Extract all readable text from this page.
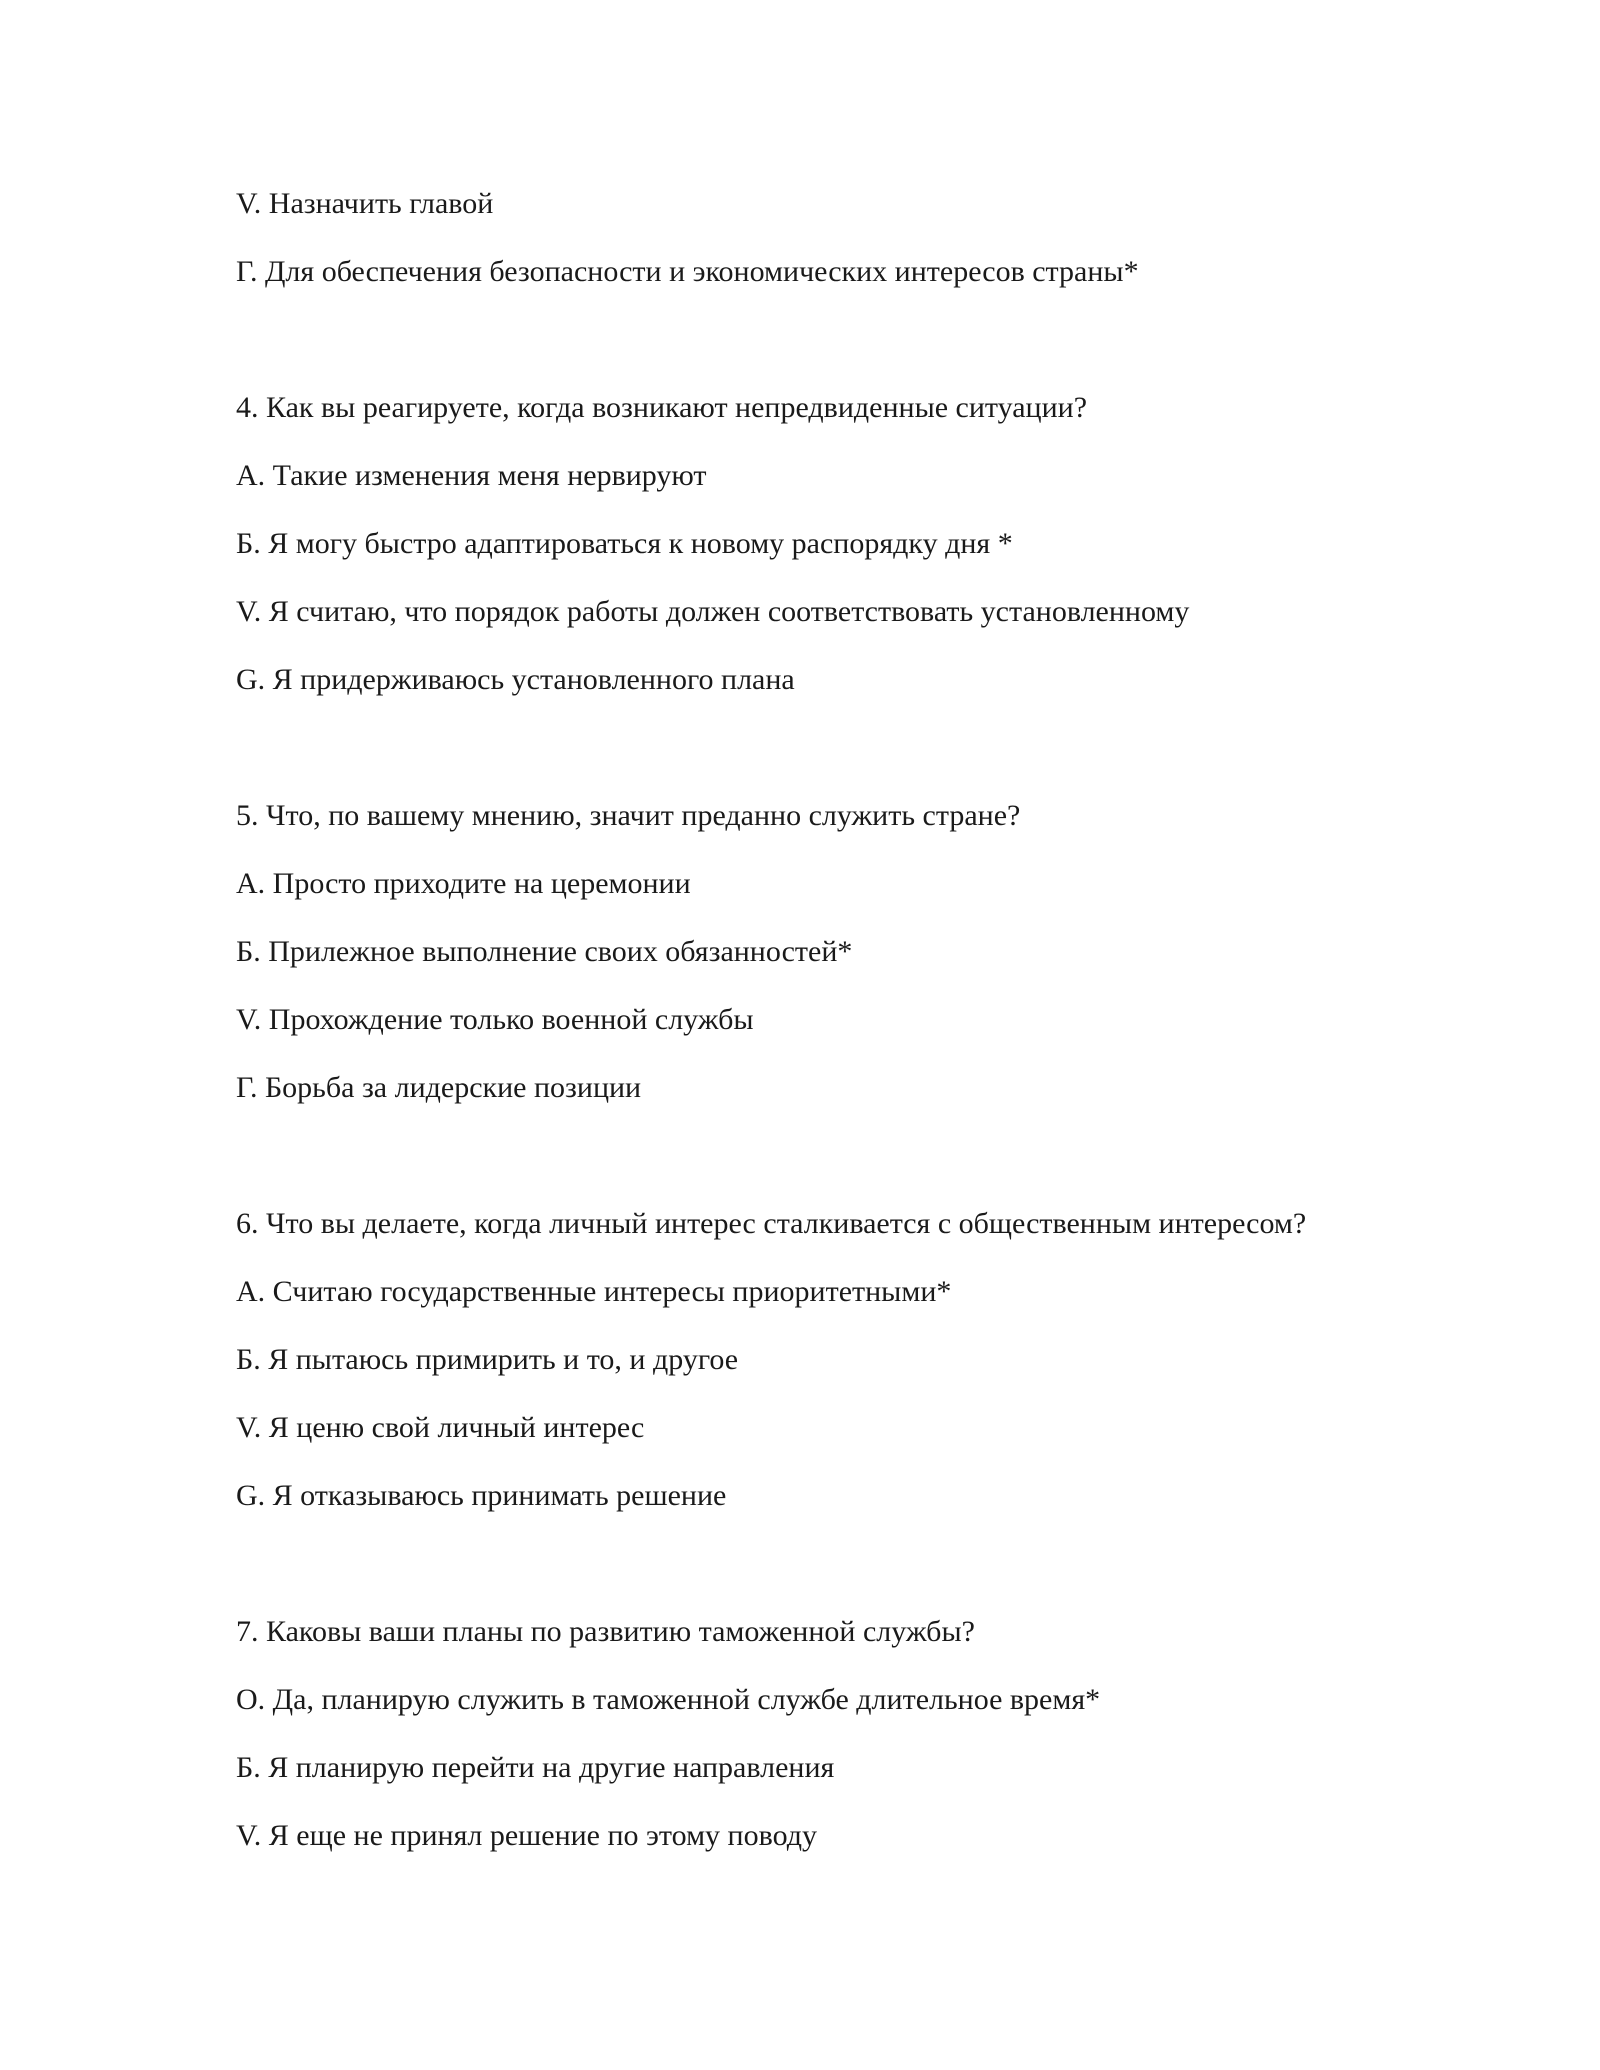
V. Назначить главой
Г. Для обеспечения безопасности и экономических интересов страны*
4. Как вы реагируете, когда возникают непредвиденные ситуации?
А. Такие изменения меня нервируют
Б. Я могу быстро адаптироваться к новому распорядку дня *
V. Я считаю, что порядок работы должен соответствовать установленному
G. Я придерживаюсь установленного плана
5. Что, по вашему мнению, значит преданно служить стране?
А. Просто приходите на церемонии
Б. Прилежное выполнение своих обязанностей*
V. Прохождение только военной службы
Г. Борьба за лидерские позиции
6. Что вы делаете, когда личный интерес сталкивается с общественным интересом?
А. Считаю государственные интересы приоритетными*
Б. Я пытаюсь примирить и то, и другое
V. Я ценю свой личный интерес
G. Я отказываюсь принимать решение
7. Каковы ваши планы по развитию таможенной службы?
О. Да, планирую служить в таможенной службе длительное время*
Б. Я планирую перейти на другие направления
V. Я еще не принял решение по этому поводу
